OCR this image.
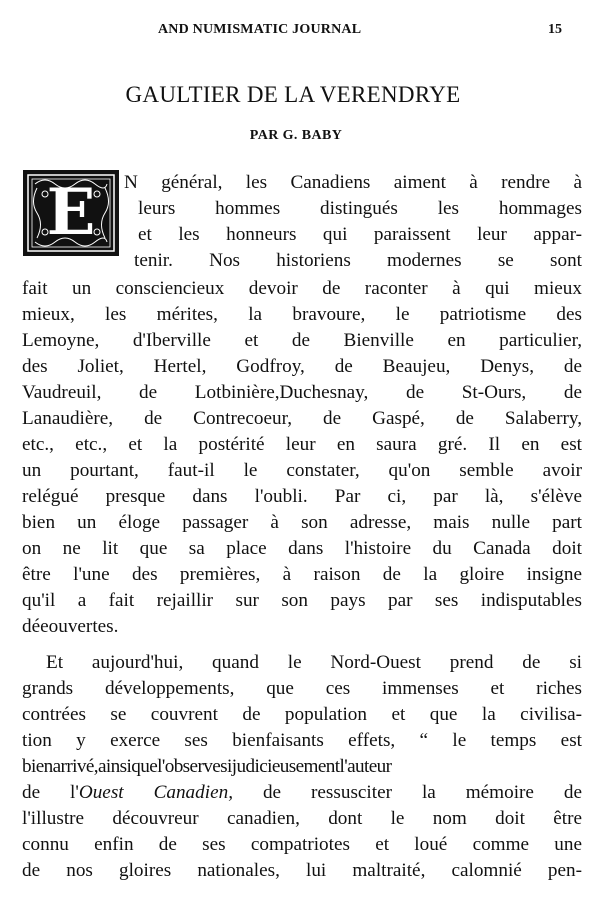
AND NUMISMATIC JOURNAL	15
GAULTIER DE LA VERENDRYE
PAR G. BABY
E	N général, les Canadiens aiment à rendre à
leurs hommes distingués les hommages
et les honneurs qui paraissent leur appar-
tenir. Nos historiens modernes se sont
fait un consciencieux devoir de raconter à qui mieux
mieux, les mérites, la bravoure, le patriotisme des
Lemoyne, d'Iberville et de Bienville en particulier,
des Joliet, Hertel, Godfroy, de Beaujeu, Denys, de
Vaudreuil, de Lotbinière,Duchesnay, de St-Ours, de
Lanaudière, de Contrecoeur, de Gaspé, de Salaberry,
etc., etc., et la postérité leur en saura gré. Il en est
un pourtant, faut-il le constater, qu'on semble avoir
relégué presque dans l'oubli. Par ci, par là, s'élève
bien un éloge passager à son adresse, mais nulle part
on ne lit que sa place dans l'histoire du Canada doit
être l'une des premières, à raison de la gloire insigne
qu'il a fait rejaillir sur son pays par ses indisputables
déeouvertes.
Et aujourd'hui, quand le Nord-Ouest prend de si
grands développements, que ces immenses et riches
contrées se couvrent de population et que la civilisa-
tion y exerce ses bienfaisants effets, “ le temps est
bienarrivé,ainsiquel'observesijudicieusementl'auteur
de l'Ouest Canadien, de ressusciter la mémoire de
l'illustre découvreur canadien, dont le nom doit être
connu enfin de ses compatriotes et loué comme une
de nos gloires nationales, lui maltraité, calomnié pen-
